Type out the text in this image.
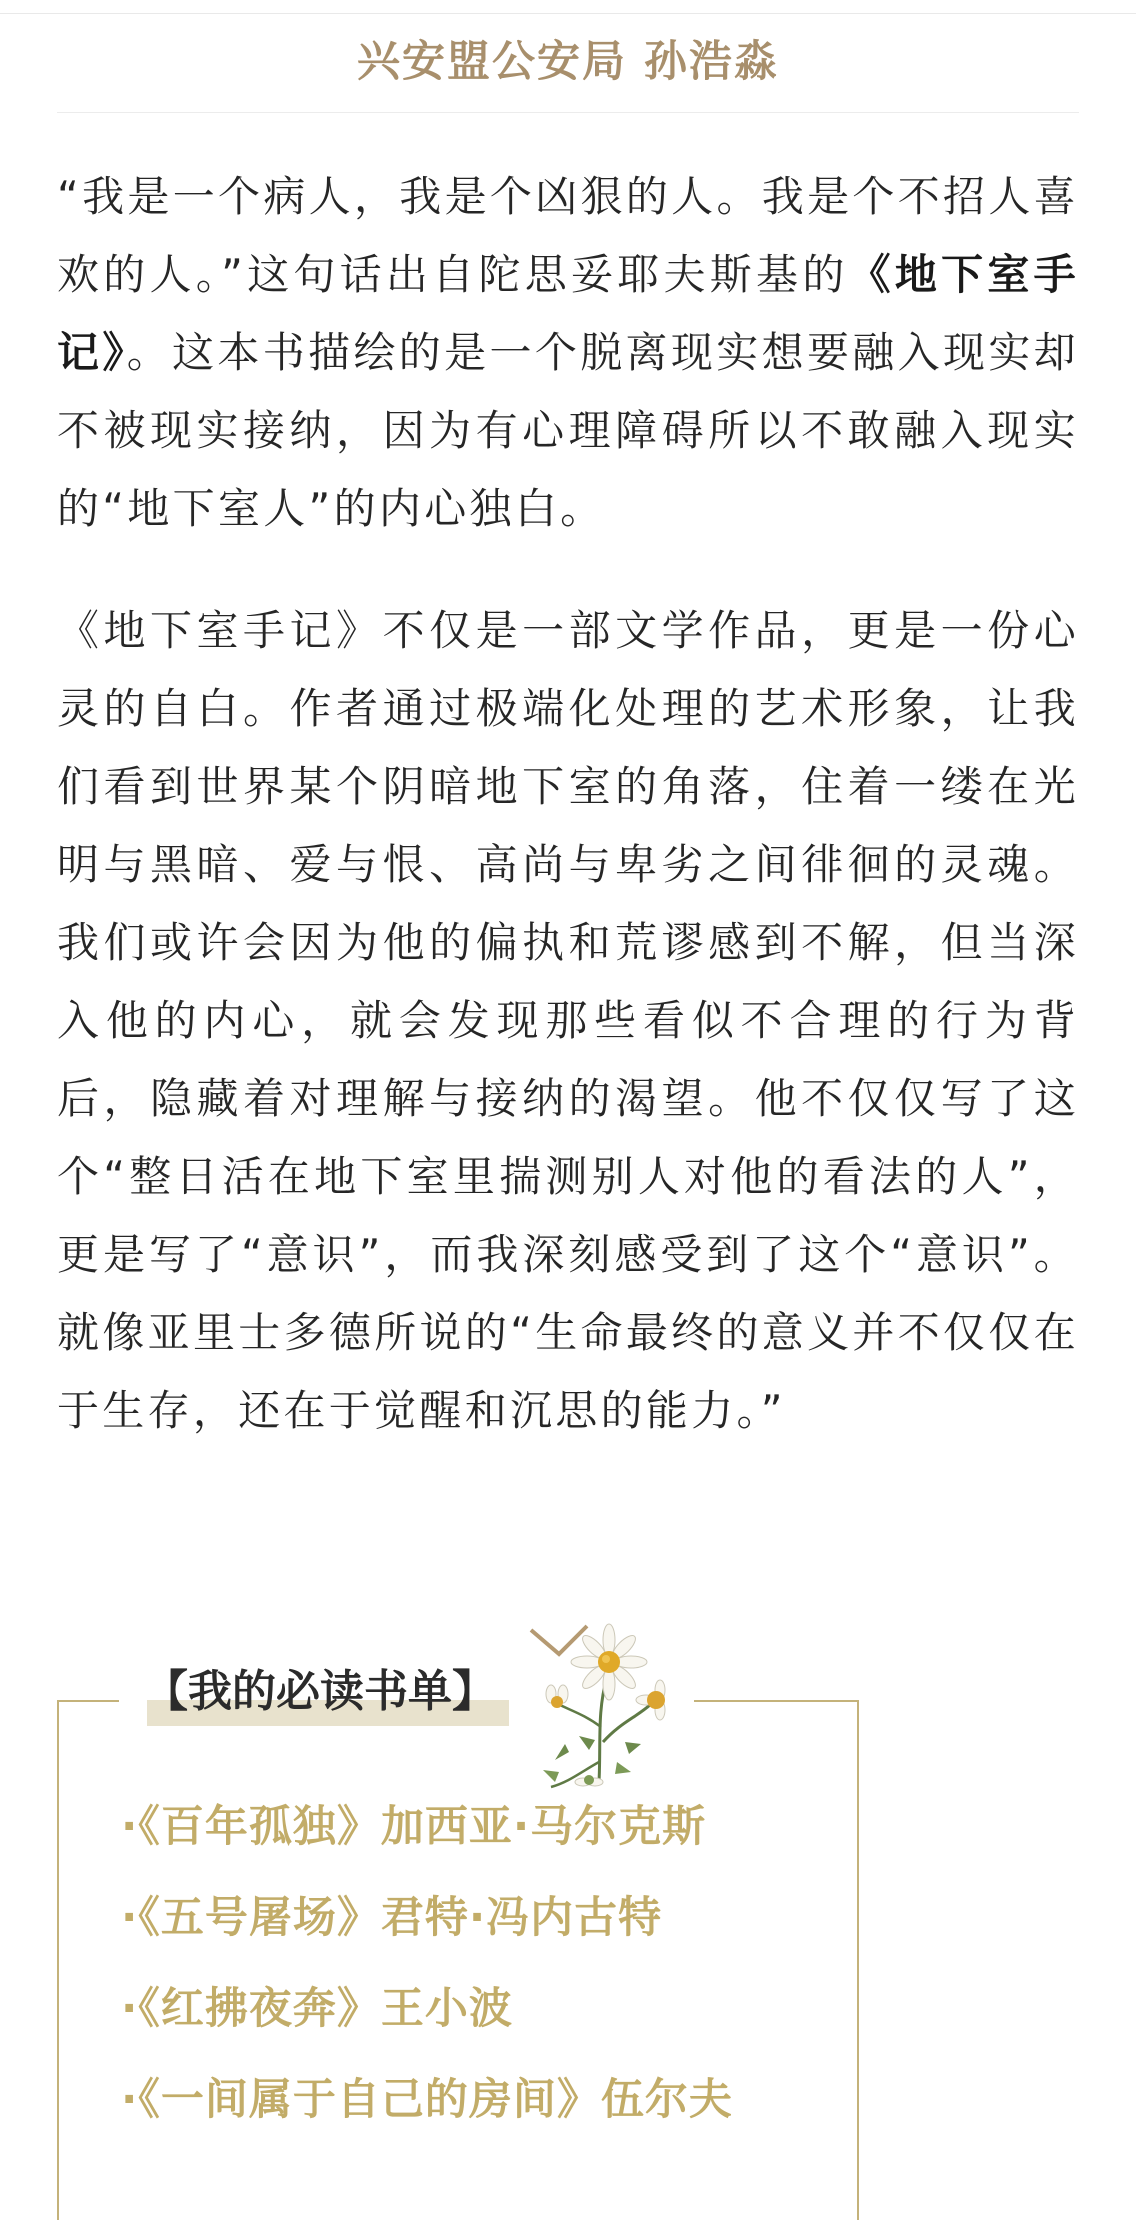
兴安盟公安局 孙浩淼

“我是一个病人，我是个凶狠的人。我是个不招人喜欢的人。”这句话出自陀思妥耶夫斯基的《地下室手记》。这本书描绘的是一个脱离现实想要融入现实却不被现实接纳，因为有心理障碍所以不敢融入现实的“地下室人”的内心独白。

《地下室手记》不仅是一部文学作品，更是一份心灵的自白。作者通过极端化处理的艺术形象，让我们看到世界某个阴暗地下室的角落，住着一缕在光明与黑暗、爱与恨、高尚与卑劣之间徘徊的灵魂。我们或许会因为他的偏执和荒谬感到不解，但当深入他的内心，就会发现那些看似不合理的行为背后，隐藏着对理解与接纳的渴望。他不仅仅写了这个“整日活在地下室里揣测别人对他的看法的人”，更是写了“意识”，而我深刻感受到了这个“意识”。就像亚里士多德所说的“生命最终的意义并不仅仅在于生存，还在于觉醒和沉思的能力。”

【我的必读书单】
·《百年孤独》加西亚·马尔克斯
·《五号屠场》君特·冯内古特
·《红拂夜奔》王小波
·《一间属于自己的房间》伍尔夫
